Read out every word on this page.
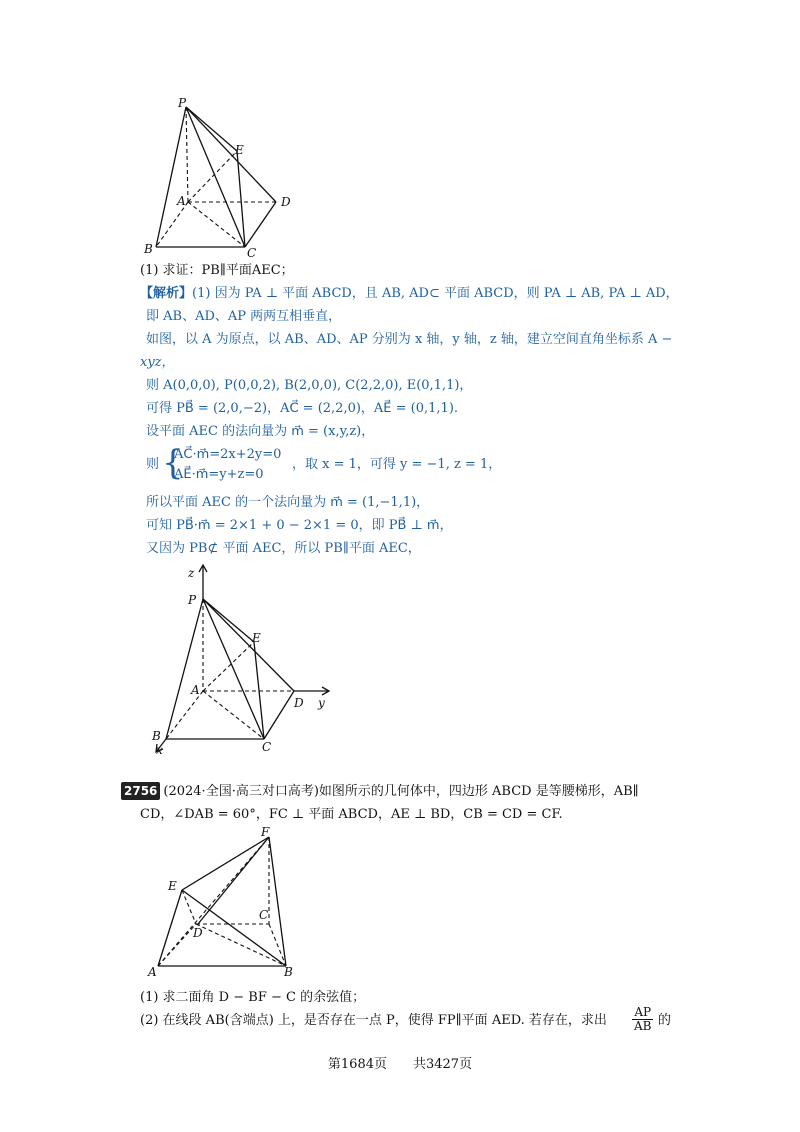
P
E
A	D
B	C
(1) 求证：PB∥平面AEC；
【解析】(1) 因为 PA ⊥ 平面 ABCD，且 AB, AD⊂ 平面 ABCD，则 PA ⊥ AB, PA ⊥ AD，
即 AB、AD、AP 两两互相垂直，
如图，以 A 为原点，以 AB、AD、AP 分别为 x 轴，y 轴，z 轴，建立空间直角坐标系 A −
xyz，
则 A(0,0,0), P(0,0,2), B(2,0,0), C(2,2,0), E(0,1,1)，
可得 PB⃗ = (2,0,−2)，AC⃗ = (2,2,0)，AE⃗ = (0,1,1).
设平面 AEC 的法向量为 m⃗ = (x,y,z)，
则 {
AC⃗·m⃗=2x+2y=0
AE⃗·m⃗=y+z=0
，取 x = 1，可得 y = −1, z = 1，
所以平面 AEC 的一个法向量为 m⃗ = (1,−1,1)，
可知 PB⃗·m⃗ = 2×1 + 0 − 2×1 = 0，即 PB⃗ ⊥ m⃗，
又因为 PB⊄ 平面 AEC，所以 PB∥平面 AEC，
z
P
E
A
D y
B
x	C
2756 (2024·全国·高三对口高考)如图所示的几何体中，四边形 ABCD 是等腰梯形，AB∥
CD，∠DAB = 60°，FC ⊥ 平面 ABCD，AE ⊥ BD，CB = CD = CF.
F
E
C
D
A	B
(1) 求二面角 D − BF − C 的余弦值；
(2) 在线段 AB(含端点) 上，是否存在一点 P，使得 FP∥平面 AED. 若存在，求出 $\frac{AP}{AB}$ 的
第1684页　　共3427页
